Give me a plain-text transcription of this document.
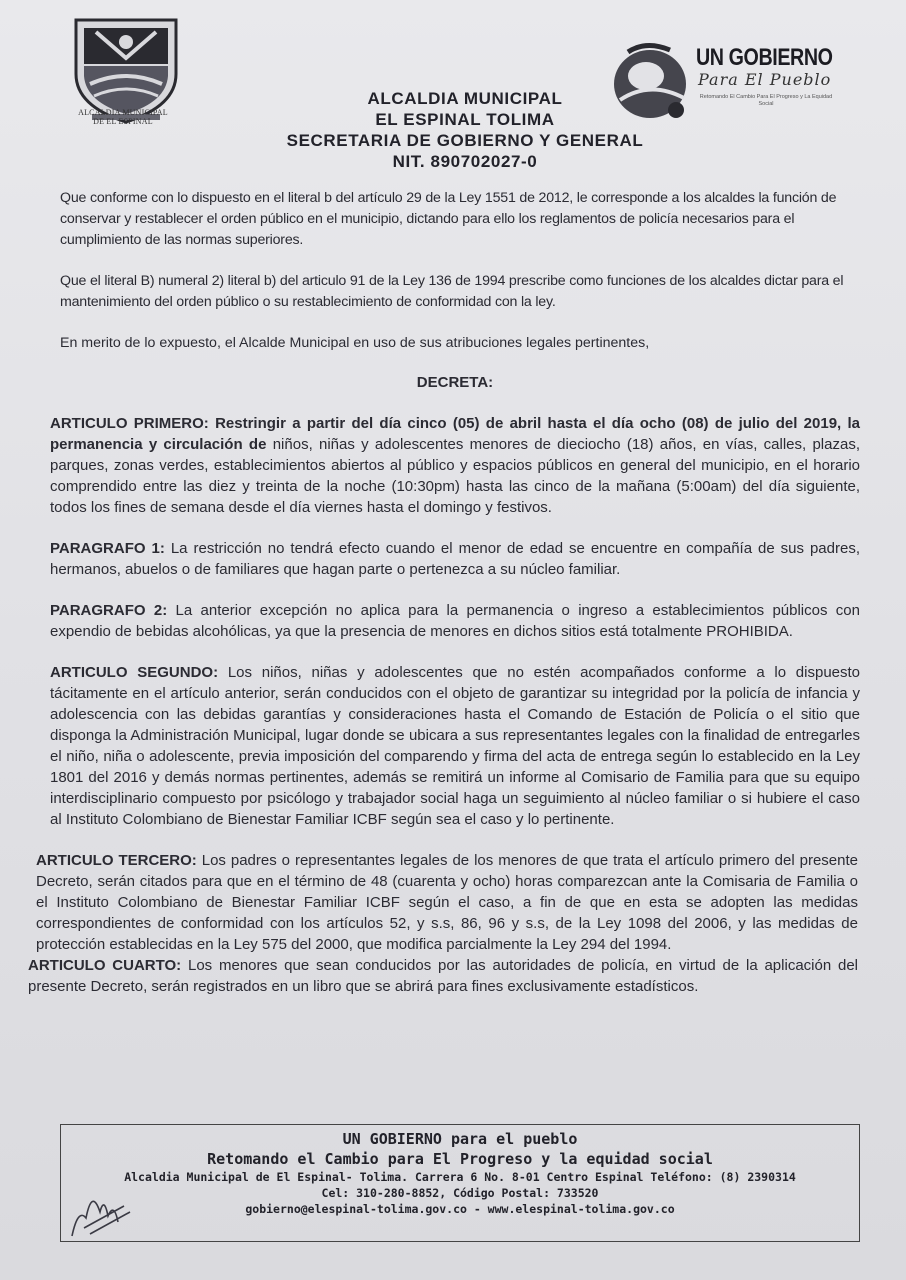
ALCALDIA MUNICIPAL
DE EL ESPINAL
UN GOBIERNO
Para El Pueblo
Retomando El Cambio Para El Progreso y La Equidad Social
ALCALDIA MUNICIPAL
EL ESPINAL TOLIMA
SECRETARIA DE GOBIERNO Y GENERAL
NIT. 890702027-0

Que conforme con lo dispuesto en el literal b del artículo 29 de la Ley 1551 de 2012, le corresponde a los alcaldes la función de conservar y restablecer el orden público en el municipio, dictando para ello los reglamentos de policía necesarios para el cumplimiento de las normas superiores.

Que el literal B) numeral 2) literal b) del articulo 91 de la Ley 136 de 1994 prescribe como funciones de los alcaldes dictar para el mantenimiento del orden público o su restablecimiento de conformidad con la ley.

En merito de lo expuesto, el Alcalde Municipal en uso de sus atribuciones legales pertinentes,

DECRETA:

ARTICULO PRIMERO: Restringir a partir del día cinco (05) de abril hasta el día ocho (08) de julio del 2019, la permanencia y circulación de niños, niñas y adolescentes menores de dieciocho (18) años, en vías, calles, plazas, parques, zonas verdes, establecimientos abiertos al público y espacios públicos en general del municipio, en el horario comprendido entre las diez y treinta de la noche (10:30pm) hasta las cinco de la mañana (5:00am) del día siguiente, todos los fines de semana desde el día viernes hasta el domingo y festivos.

PARAGRAFO 1: La restricción no tendrá efecto cuando el menor de edad se encuentre en compañía de sus padres, hermanos, abuelos o de familiares que hagan parte o pertenezca a su núcleo familiar.

PARAGRAFO 2: La anterior excepción no aplica para la permanencia o ingreso a establecimientos públicos con expendio de bebidas alcohólicas, ya que la presencia de menores en dichos sitios está totalmente PROHIBIDA.

ARTICULO SEGUNDO: Los niños, niñas y adolescentes que no estén acompañados conforme a lo dispuesto tácitamente en el artículo anterior, serán conducidos con el objeto de garantizar su integridad por la policía de infancia y adolescencia con las debidas garantías y consideraciones hasta el Comando de Estación de Policía o el sitio que disponga la Administración Municipal, lugar donde se ubicara a sus representantes legales con la finalidad de entregarles el niño, niña o adolescente, previa imposición del comparendo y firma del acta de entrega según lo establecido en la Ley 1801 del 2016 y demás normas pertinentes, además se remitirá un informe al Comisario de Familia para que su equipo interdisciplinario compuesto por psicólogo y trabajador social haga un seguimiento al núcleo familiar o si hubiere el caso al Instituto Colombiano de Bienestar Familiar ICBF según sea el caso y lo pertinente.

ARTICULO TERCERO: Los padres o representantes legales de los menores de que trata el artículo primero del presente Decreto, serán citados para que en el término de 48 (cuarenta y ocho) horas comparezcan ante la Comisaria de Familia o el Instituto Colombiano de Bienestar Familiar ICBF según el caso, a fin de que en esta se adopten las medidas correspondientes de conformidad con los artículos 52, y s.s, 86, 96 y s.s, de la Ley 1098 del 2006, y las medidas de protección establecidas en la Ley 575 del 2000, que modifica parcialmente la Ley 294 del 1994.

ARTICULO CUARTO: Los menores que sean conducidos por las autoridades de policía, en virtud de la aplicación del presente Decreto, serán registrados en un libro que se abrirá para fines exclusivamente estadísticos.

UN GOBIERNO para el pueblo
Retomando el Cambio para El Progreso y la equidad social
Alcaldia Municipal de El Espinal- Tolima. Carrera 6 No. 8-01 Centro Espinal Teléfono: (8) 2390314
Cel: 310-280-8852, Código Postal: 733520
gobierno@elespinal-tolima.gov.co - www.elespinal-tolima.gov.co
